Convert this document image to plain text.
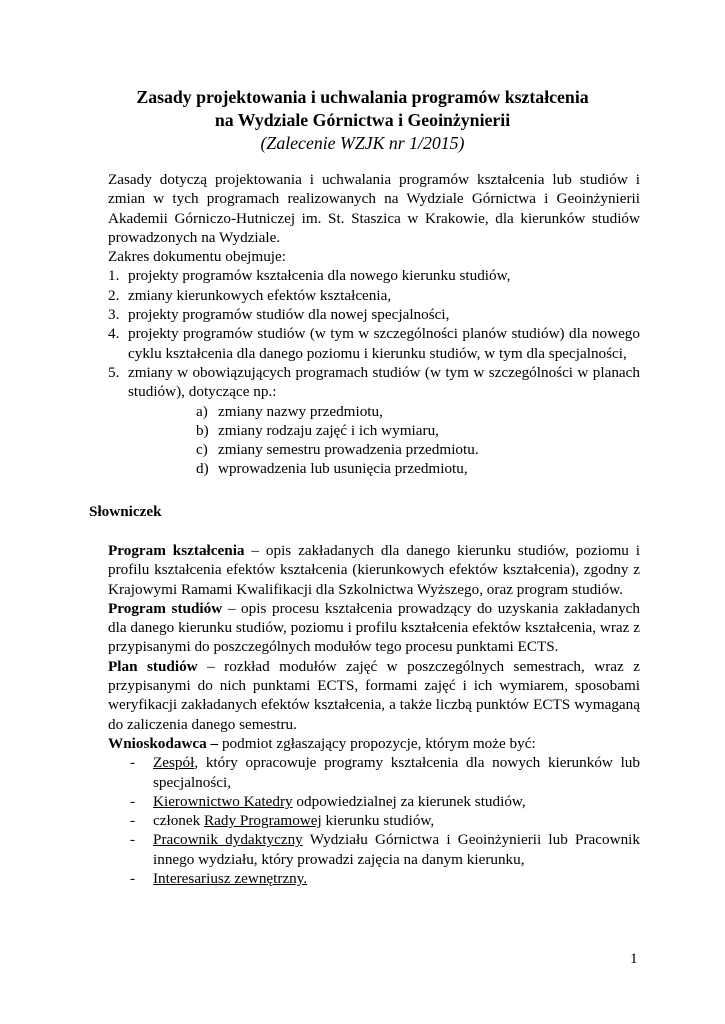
Zasady projektowania i uchwalania programów kształcenia
na Wydziale Górnictwa i Geoinżynierii
(Zalecenie WZJK nr 1/2015)
Zasady dotyczą projektowania i uchwalania programów kształcenia lub studiów i zmian w tych programach realizowanych na Wydziale Górnictwa i Geoinżynierii Akademii Górniczo-Hutniczej im. St. Staszica w Krakowie, dla kierunków studiów prowadzonych na Wydziale.
Zakres dokumentu obejmuje:
1. projekty programów kształcenia dla nowego kierunku studiów,
2. zmiany kierunkowych efektów kształcenia,
3. projekty programów studiów dla nowej specjalności,
4. projekty programów studiów (w tym w szczególności planów studiów) dla nowego cyklu kształcenia dla danego poziomu i kierunku studiów, w tym dla specjalności,
5. zmiany w obowiązujących programach studiów (w tym w szczególności w planach studiów), dotyczące np.:
a) zmiany nazwy przedmiotu,
b) zmiany rodzaju zajęć i ich wymiaru,
c) zmiany semestru prowadzenia przedmiotu.
d) wprowadzenia lub usunięcia przedmiotu,
Słowniczek

Program kształcenia – opis zakładanych dla danego kierunku studiów, poziomu i profilu kształcenia efektów kształcenia (kierunkowych efektów kształcenia), zgodny z Krajowymi Ramami Kwalifikacji dla Szkolnictwa Wyższego, oraz program studiów.

Program studiów – opis procesu kształcenia prowadzący do uzyskania zakładanych dla danego kierunku studiów, poziomu i profilu kształcenia efektów kształcenia, wraz z przypisanymi do poszczególnych modułów tego procesu punktami ECTS.

Plan studiów – rozkład modułów zajęć w poszczególnych semestrach, wraz z przypisanymi do nich punktami ECTS, formami zajęć i ich wymiarem, sposobami weryfikacji zakładanych efektów kształcenia, a także liczbą punktów ECTS wymaganą do zaliczenia danego semestru.

Wnioskodawca – podmiot zgłaszający propozycje, którym może być:

- Zespół, który opracowuje programy kształcenia dla nowych kierunków lub specjalności,
- Kierownictwo Katedry odpowiedzialnej za kierunek studiów,
- członek Rady Programowej kierunku studiów,
- Pracownik dydaktyczny Wydziału Górnictwa i Geoinżynierii lub Pracownik innego wydziału, który prowadzi zajęcia na danym kierunku,
- Interesariusz zewnętrzny.
1
